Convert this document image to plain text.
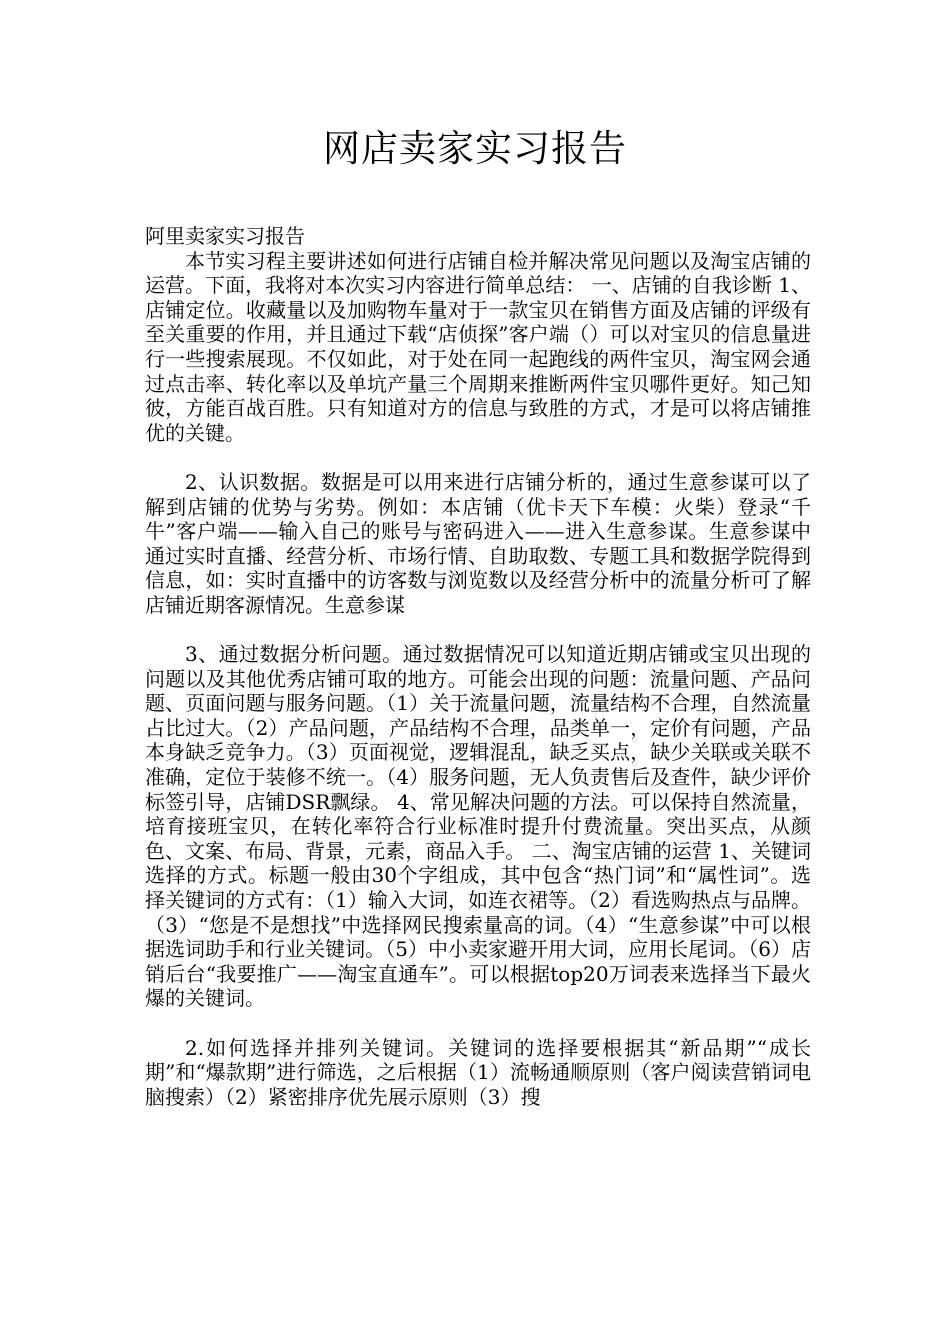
网店卖家实习报告

阿里卖家实习报告

本节实习程主要讲述如何进行店铺自检并解决常见问题以及淘宝店铺的运营。下面，我将对本次实习内容进行简单总结： 一、店铺的自我诊断 1、店铺定位。收藏量以及加购物车量对于一款宝贝在销售方面及店铺的评级有至关重要的作用，并且通过下载“店侦探”客户端（）可以对宝贝的信息量进行一些搜索展现。不仅如此，对于处在同一起跑线的两件宝贝，淘宝网会通过点击率、转化率以及单坑产量三个周期来推断两件宝贝哪件更好。知己知彼，方能百战百胜。只有知道对方的信息与致胜的方式，才是可以将店铺推优的关键。

2、认识数据。数据是可以用来进行店铺分析的，通过生意参谋可以了解到店铺的优势与劣势。例如：本店铺（优卡天下车模：火柴）登录“千牛”客户端——输入自己的账号与密码进入——进入生意参谋。生意参谋中通过实时直播、经营分析、市场行情、自助取数、专题工具和数据学院得到信息，如：实时直播中的访客数与浏览数以及经营分析中的流量分析可了解店铺近期客源情况。生意参谋

3、通过数据分析问题。通过数据情况可以知道近期店铺或宝贝出现的问题以及其他优秀店铺可取的地方。可能会出现的问题：流量问题、产品问题、页面问题与服务问题。（1）关于流量问题，流量结构不合理，自然流量占比过大。（2）产品问题，产品结构不合理，品类单一，定价有问题，产品本身缺乏竞争力。（3）页面视觉，逻辑混乱，缺乏买点，缺少关联或关联不准确，定位于装修不统一。（4）服务问题，无人负责售后及查件，缺少评价标签引导，店铺DSR飘绿。 4、常见解决问题的方法。可以保持自然流量，培育接班宝贝，在转化率符合行业标准时提升付费流量。突出买点，从颜色、文案、布局、背景，元素，商品入手。 二、淘宝店铺的运营 1、关键词选择的方式。标题一般由30个字组成，其中包含“热门词”和“属性词”。选择关键词的方式有：（1）输入大词，如连衣裙等。（2）看选购热点与品牌。（3）“您是不是想找”中选择网民搜索量高的词。（4）“生意参谋”中可以根据选词助手和行业关键词。（5）中小卖家避开用大词，应用长尾词。（6）店销后台“我要推广——淘宝直通车”。可以根据top20万词表来选择当下最火爆的关键词。

2.如何选择并排列关键词。关键词的选择要根据其“新品期”“成长期”和“爆款期”进行筛选，之后根据（1）流畅通顺原则（客户阅读营销词电脑搜索）（2）紧密排序优先展示原则（3）搜
